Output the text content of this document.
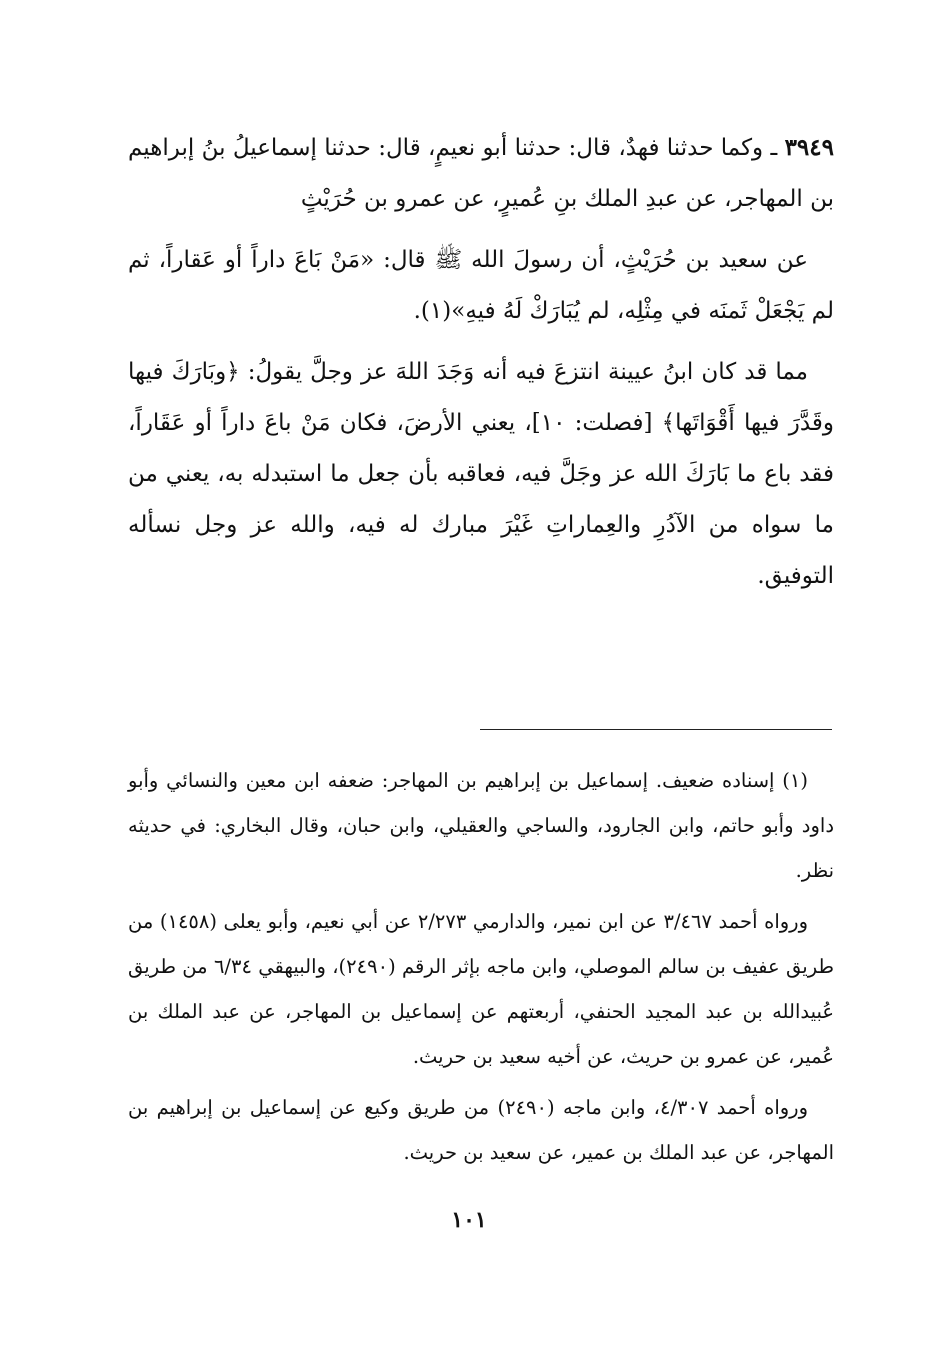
٣٩٤٩ ـ وكما حدثنا فهدٌ، قال: حدثنا أبو نعيمٍ، قال: حدثنا إسماعيلُ بنُ إبراهيم بن المهاجر، عن عبدِ الملك بنِ عُميرٍ، عن عمرو بن حُرَيْثٍ

عن سعيد بن حُرَيْثٍ، أن رسولَ الله ﷺ قال: «مَنْ بَاعَ داراً أو عَقاراً، ثم لم يَجْعَلْ ثَمنَه في مِثْلِه، لم يُبَارَكْ لَهُ فيهِ»(١).

مما قد كان ابنُ عيينة انتزعَ فيه أنه وَجَدَ اللهَ عز وجلَّ يقولُ: ﴿وبَارَكَ فيها وقَدَّرَ فيها أَقْوَاتَها﴾ [فصلت: ١٠]، يعني الأرضَ، فكان مَنْ باعَ داراً أو عَقَاراً، فقد باع ما بَارَكَ الله عز وجَلَّ فيه، فعاقبه بأن جعل ما استبدله به، يعني من ما سواه من الآدُرِ والعِماراتِ غَيْرَ مبارك له فيه، والله عز وجل نسأله التوفيق.

(١) إسناده ضعيف. إسماعيل بن إبراهيم بن المهاجر: ضعفه ابن معين والنسائي وأبو داود وأبو حاتم، وابن الجارود، والساجي والعقيلي، وابن حبان، وقال البخاري: في حديثه نظر.

ورواه أحمد ٣/٤٦٧ عن ابن نمير، والدارمي ٢/٢٧٣ عن أبي نعيم، وأبو يعلى (١٤٥٨) من طريق عفيف بن سالم الموصلي، وابن ماجه بإثر الرقم (٢٤٩٠)، والبيهقي ٦/٣٤ من طريق عُبيدالله بن عبد المجيد الحنفي، أربعتهم عن إسماعيل بن المهاجر، عن عبد الملك بن عُمير، عن عمرو بن حريث، عن أخيه سعيد بن حريث.

ورواه أحمد ٤/٣٠٧، وابن ماجه (٢٤٩٠) من طريق وكيع عن إسماعيل بن إبراهيم بن المهاجر، عن عبد الملك بن عمير، عن سعيد بن حريث.

١٠١
